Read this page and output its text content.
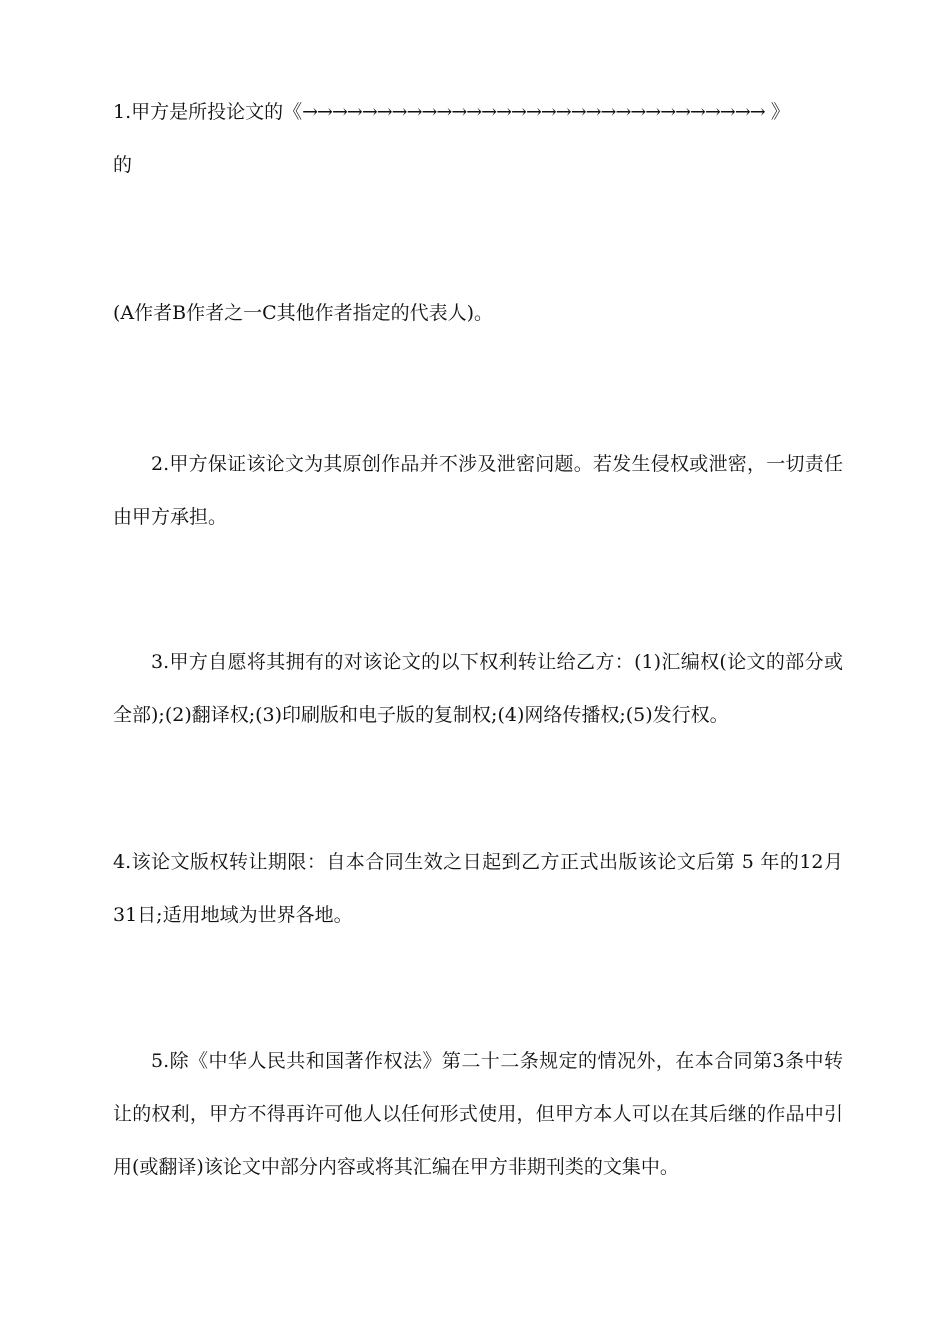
1.甲方是所投论文的《→→→→→→→→→→→→→→→→→→→→→→→→→→→→→→→ 》
的

(A作者B作者之一C其他作者指定的代表人)。

2.甲方保证该论文为其原创作品并不涉及泄密问题。若发生侵权或泄密，一切责任由甲方承担。

3.甲方自愿将其拥有的对该论文的以下权利转让给乙方：(1)汇编权(论文的部分或全部);(2)翻译权;(3)印刷版和电子版的复制权;(4)网络传播权;(5)发行权。

4.该论文版权转让期限：自本合同生效之日起到乙方正式出版该论文后第 5 年的12月31日;适用地域为世界各地。

5.除《中华人民共和国著作权法》第二十二条规定的情况外，在本合同第3条中转让的权利，甲方不得再许可他人以任何形式使用，但甲方本人可以在其后继的作品中引用(或翻译)该论文中部分内容或将其汇编在甲方非期刊类的文集中。
